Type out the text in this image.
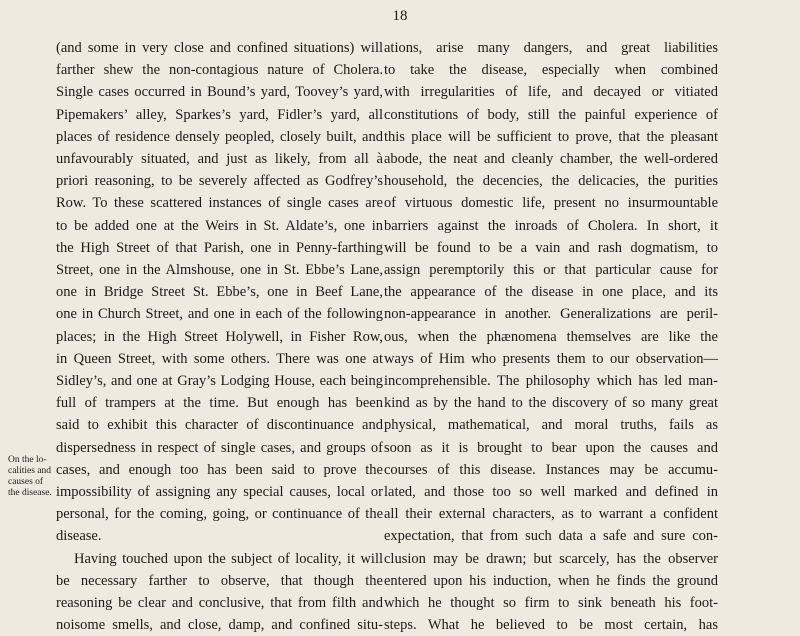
18
On the lo-
calities and
causes of
the disease.
(and some in very close and confined situations) will
farther shew the non-contagious nature of Cholera.
Single cases occurred in Bound’s yard, Toovey’s yard,
Pipemakers’ alley, Sparkes’s yard, Fidler’s yard, all
places of residence densely peopled, closely built, and
unfavourably situated, and just as likely, from all à
priori reasoning, to be severely affected as Godfrey’s
Row. To these scattered instances of single cases are
to be added one at the Weirs in St. Aldate’s, one in
the High Street of that Parish, one in Penny-farthing
Street, one in the Almshouse, one in St. Ebbe’s Lane,
one in Bridge Street St. Ebbe’s, one in Beef Lane,
one in Church Street, and one in each of the following
places; in the High Street Holywell, in Fisher Row,
in Queen Street, with some others. There was one at
Sidley’s, and one at Gray’s Lodging House, each being
full of trampers at the time. But enough has been
said to exhibit this character of discontinuance and
dispersedness in respect of single cases, and groups of
cases, and enough too has been said to prove the
impossibility of assigning any special causes, local or
personal, for the coming, going, or continuance of the
disease.
Having touched upon the subject of locality, it will
be necessary farther to observe, that though the
reasoning be clear and conclusive, that from filth and
noisome smells, and close, damp, and confined situ-
ations, arise many dangers, and great liabilities
to take the disease, especially when combined
with irregularities of life, and decayed or vitiated
constitutions of body, still the painful experience of
this place will be sufficient to prove, that the pleasant
abode, the neat and cleanly chamber, the well-ordered
household, the decencies, the delicacies, the purities
of virtuous domestic life, present no insurmountable
barriers against the inroads of Cholera. In short, it
will be found to be a vain and rash dogmatism, to
assign peremptorily this or that particular cause for
the appearance of the disease in one place, and its
non-appearance in another. Generalizations are peril-
ous, when the phænomena themselves are like the
ways of Him who presents them to our observation—
incomprehensible. The philosophy which has led man-
kind as by the hand to the discovery of so many great
physical, mathematical, and moral truths, fails as
soon as it is brought to bear upon the causes and
courses of this disease. Instances may be accumu-
lated, and those too so well marked and defined in
all their external characters, as to warrant a confident
expectation, that from such data a safe and sure con-
clusion may be drawn; but scarcely, has the observer
entered upon his induction, when he finds the ground
which he thought so firm to sink beneath his foot-
steps. What he believed to be most certain, has
